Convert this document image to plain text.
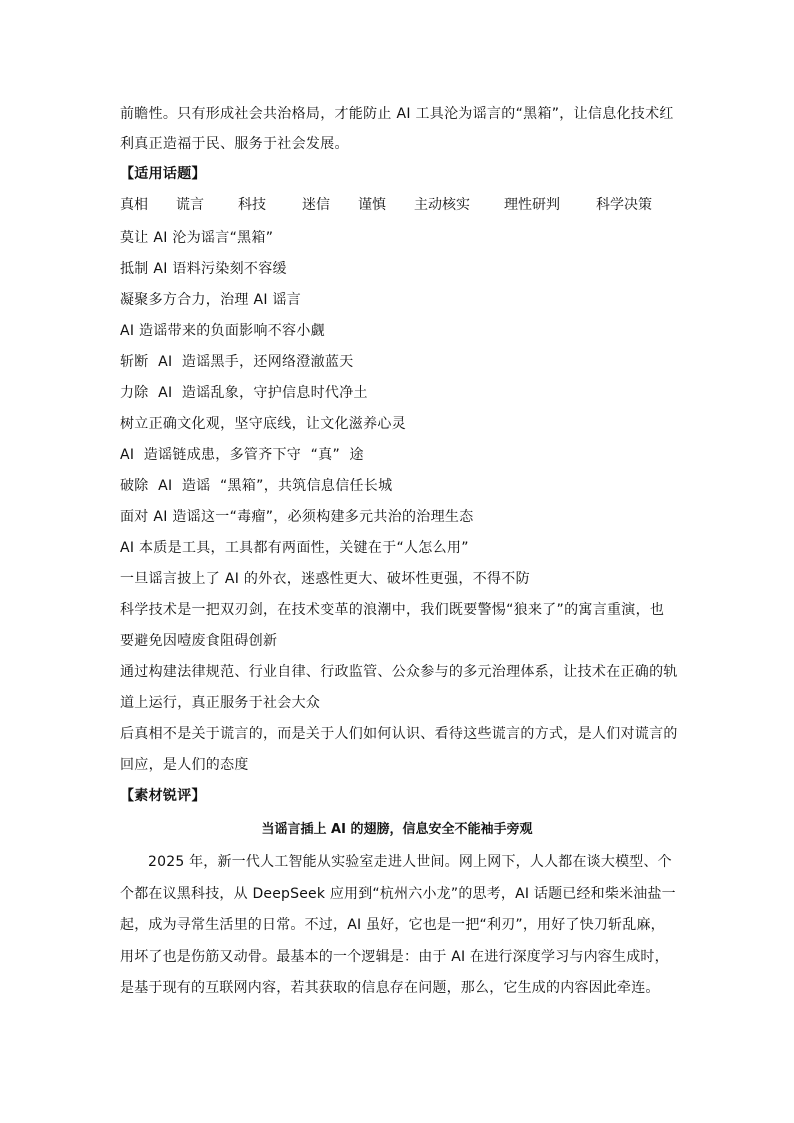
前瞻性。只有形成社会共治格局，才能防止 AI 工具沦为谣言的“黑箱”，让信息化技术红
利真正造福于民、服务于社会发展。
【适用话题】
真相 谎言 科技	迷信 谨慎 主动核实 理性研判	科学决策
莫让 AI 沦为谣言“黑箱”
抵制 AI 语料污染刻不容缓
凝聚多方合力，治理 AI 谣言
AI 造谣带来的负面影响不容小觑
斩断  AI  造谣黑手，还网络澄澈蓝天
力除  AI  造谣乱象，守护信息时代净土
树立正确文化观，坚守底线，让文化滋养心灵
AI  造谣链成患，多管齐下守  “真”  途
破除  AI  造谣  “黑箱”，共筑信息信任长城
面对 AI 造谣这一“毒瘤”，必须构建多元共治的治理生态
AI 本质是工具，工具都有两面性，关键在于“人怎么用”
一旦谣言披上了 AI 的外衣，迷惑性更大、破坏性更强，不得不防
科学技术是一把双刃剑，在技术变革的浪潮中，我们既要警惕“狼来了”的寓言重演，也
要避免因噎废食阻碍创新
通过构建法律规范、行业自律、行政监管、公众参与的多元治理体系，让技术在正确的轨
道上运行，真正服务于社会大众
后真相不是关于谎言的，而是关于人们如何认识、看待这些谎言的方式，是人们对谎言的
回应，是人们的态度
【素材锐评】
当谣言插上 AI 的翅膀，信息安全不能袖手旁观
2025 年，新一代人工智能从实验室走进人世间。网上网下，人人都在谈大模型、个个都在议黑科技，从 DeepSeek 应用到“杭州六小龙”的思考，AI 话题已经和柴米油盐一起，成为寻常生活里的日常。不过，AI 虽好，它也是一把“利刃”，用好了快刀斩乱麻，用坏了也是伤筋又动骨。最基本的一个逻辑是：由于 AI 在进行深度学习与内容生成时，是基于现有的互联网内容，若其获取的信息存在问题，那么，它生成的内容因此牵连。
